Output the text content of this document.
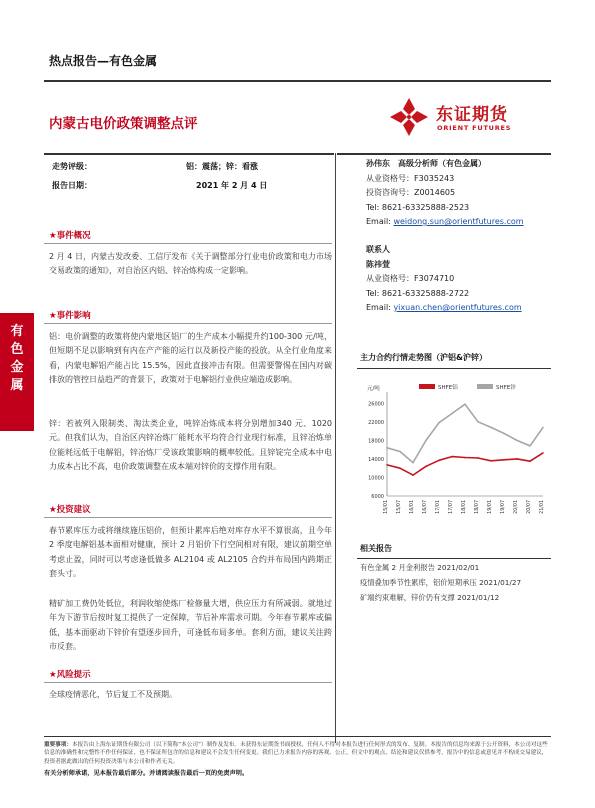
热点报告—有色金属
内蒙古电价政策调整点评	东证期货
ORIENT FUTURES
有
色
金
属
走势评级：	铝：震荡；锌：看涨
报告日期：	2021 年 2 月 4 日
★事件概况
2 月 4 日，内蒙古发改委、工信厅发布《关于调整部分行业电价政策和电力市场交易政策的通知》，对自治区内铝、锌冶炼构成一定影响。
★事件影响
铝：电价调整的政策将使内蒙地区铝厂的生产成本小幅提升约100-300 元/吨，但短期不足以影响到有内在产产能的运行以及新投产能的投放。从全行业角度来看，内蒙电解铝产能占比 15.5%，因此直接冲击有限。但需要警惕在国内对碳排放的管控日益趋严的背景下，政策对于电解铝行业供应端造成影响。
锌：若被列入限制类、淘汰类企业，吨锌冶炼成本将分别增加340 元、1020 元。但我们认为，自治区内锌冶炼厂能耗水平均符合行业现行标准，且锌冶炼单位能耗远低于电解铝，锌冶炼厂受该政策影响的概率较低。且锌锭完全成本中电力成本占比不高，电价政策调整在成本端对锌价的支撑作用有限。
★投资建议
春节累库压力或将继续施压铝价，但预计累库后绝对库存水平不算很高，且今年 2 季度电解铝基本面相对健康，预计 2 月铝价下行空间相对有限，建议前期空单考虑止盈，同时可以考虑逢低做多 AL2104 或 AL2105 合约并布局国内跨期正套头寸。
精矿加工费仍处低位，利润收缩使炼厂检修量大增，供应压力有所减弱。就地过年为下游节后按时复工提供了一定保障，节后补库需求可期。今年春节累库或偏低，基本面驱动下锌价有望逐步回升，可逢低布局多单。套利方面，建议关注跨市反套。
★风险提示
全球疫情恶化，节后复工不及预期。
孙伟东　高级分析师（有色金属）
从业资格号：F3035243
投资咨询号：Z0014605
Tel: 8621-63325888-2523
Email: weidong.sun@orientfutures.com
联系人
陈祎萱
从业资格号：F3074710
Tel: 8621-63325888-2722
Email: yixuan.chen@orientfutures.com
主力合约行情走势图（沪铝&沪锌）
元/吨	SHFE铝	SHFE锌
6000
10000
14000
18000
22000
26000
15/01 15/07 16/01 16/07 17/01 17/07 18/01 18/07 19/01 19/07 20/01 20/07 21/01
相关报告
有色金属 2 月金利报告 2021/02/01
疫情叠加季节性累库，铝价短期承压 2021/01/27
矿端约束难解，锌价仍有支撑 2021/01/12
重要事项：本报告由上海东证期货有限公司（以下简称“本公司”）制作及发布。未获得东证期货书面授权，任何人不得对本报告进行任何形式的发布、复制。本报告的信息均来源于公开资料，本公司对这些信息的准确性和完整性不作任何保证，也不保证所包含的信息和建议不会发生任何变更。我们已力求报告内容的客观、公正，但文中的观点、结论和建议仅供参考，报告中的信息或意见并不构成交易建议，投资者据此做出的任何投资决策与本公司和作者无关。
有关分析师承诺，见本报告最后部分。并请阅读报告最后一页的免责声明。
